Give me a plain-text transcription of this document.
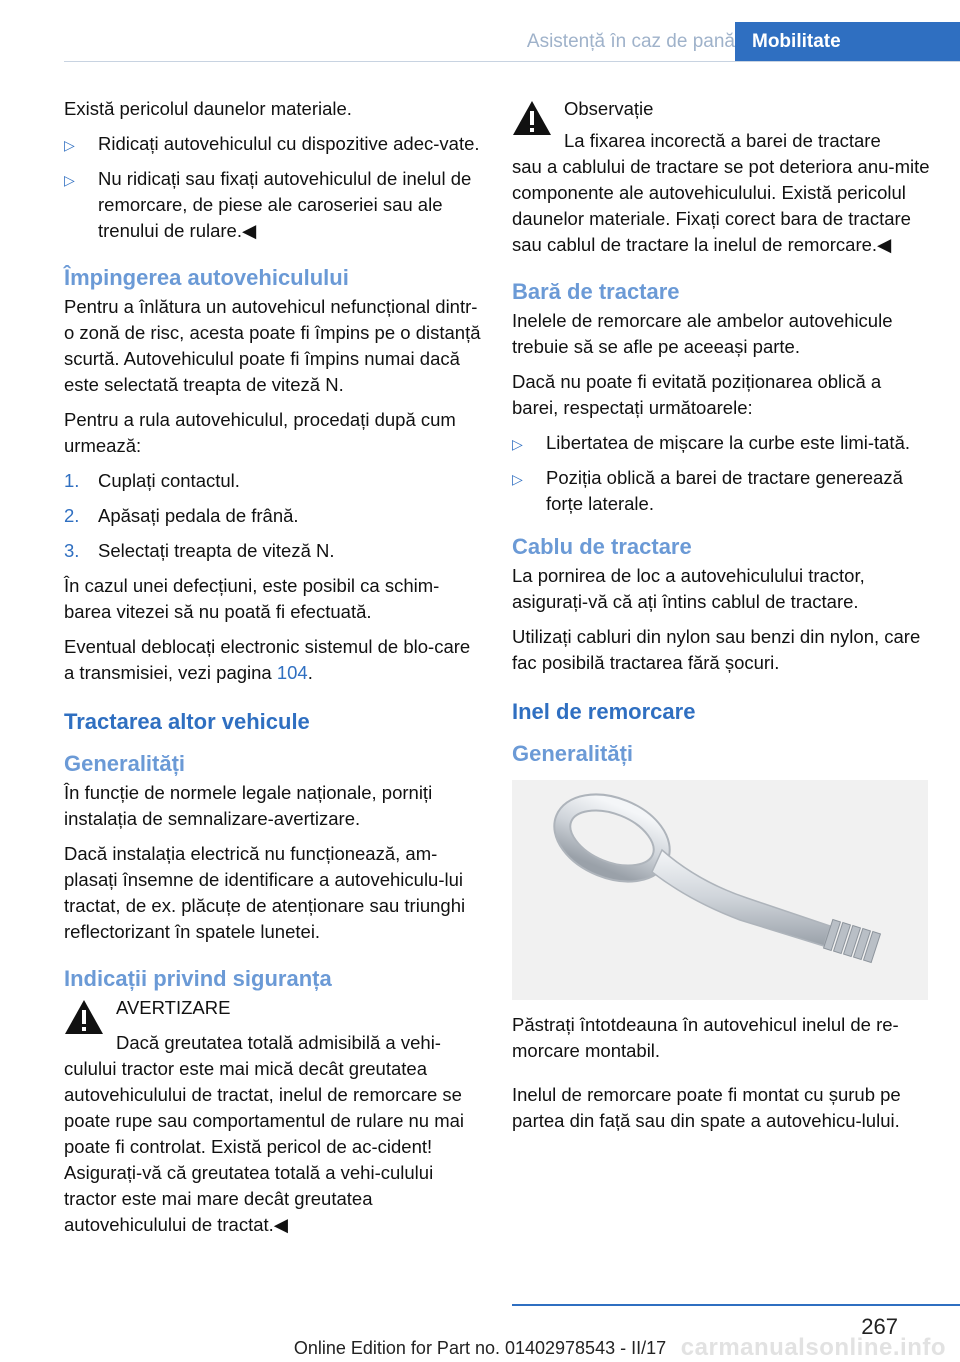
Asistență în caz de pană Mobilitate

Există pericolul daunelor materiale.

▷ Ridicați autovehiculul cu dispozitive adec‐vate.
▷ Nu ridicați sau fixați autovehiculul de inelul de remorcare, de piese ale caroseriei sau ale trenului de rulare.◀
Împingerea autovehiculului

Pentru a înlătura un autovehicul nefuncțional dintr‐o zonă de risc, acesta poate fi împins pe o distanță scurtă. Autovehiculul poate fi împins numai dacă este selectată treapta de viteză N.

Pentru a rula autovehiculul, procedați după cum urmează:

1. Cuplați contactul.
2. Apăsați pedala de frână.
3. Selectați treapta de viteză N.

În cazul unei defecțiuni, este posibil ca schim‐barea vitezei să nu poată fi efectuată.

Eventual deblocați electronic sistemul de blo‐care a transmisiei, vezi pagina 104.

Tractarea altor vehicule
Generalități

În funcție de normele legale naționale, porniți instalația de semnalizare‐avertizare.

Dacă instalația electrică nu funcționează, am‐plasați însemne de identificare a autovehiculu‐lui tractat, de ex. plăcuțe de atenționare sau triunghi reflectorizant în spatele lunetei.

Indicații privind siguranța
AVERTIZARE
Dacă greutatea totală admisibilă a vehi‐
culului tractor este mai mică decât greutatea autovehiculului de tractat, inelul de remorcare se poate rupe sau comportamentul de rulare nu mai poate fi controlat. Există pericol de ac‐cident! Asigurați‐vă că greutatea totală a vehi‐culului tractor este mai mare decât greutatea autovehiculului de tractat.◀
Observație
La fixarea incorectă a barei de tractare
sau a cablului de tractare se pot deteriora anu‐mite componente ale autovehiculului. Există pericolul daunelor materiale. Fixați corect bara de tractare sau cablul de tractare la inelul de remorcare.◀
Bară de tractare

Inelele de remorcare ale ambelor autovehicule trebuie să se afle pe aceeași parte.

Dacă nu poate fi evitată poziționarea oblică a barei, respectați următoarele:

▷ Libertatea de mișcare la curbe este limi‐tată.
▷ Poziția oblică a barei de tractare generează forțe laterale.
Cablu de tractare

La pornirea de loc a autovehiculului tractor, asigurați‐vă că ați întins cablul de tractare.

Utilizați cabluri din nylon sau benzi din nylon, care fac posibilă tractarea fără șocuri.

Inel de remorcare
Generalități

Păstrați întotdeauna în autovehicul inelul de re‐morcare montabil.

Inelul de remorcare poate fi montat cu șurub pe partea din față sau din spate a autovehicu‐lului.

267
Online Edition for Part no. 01402978543 - II/17 carmanualsonline.info
